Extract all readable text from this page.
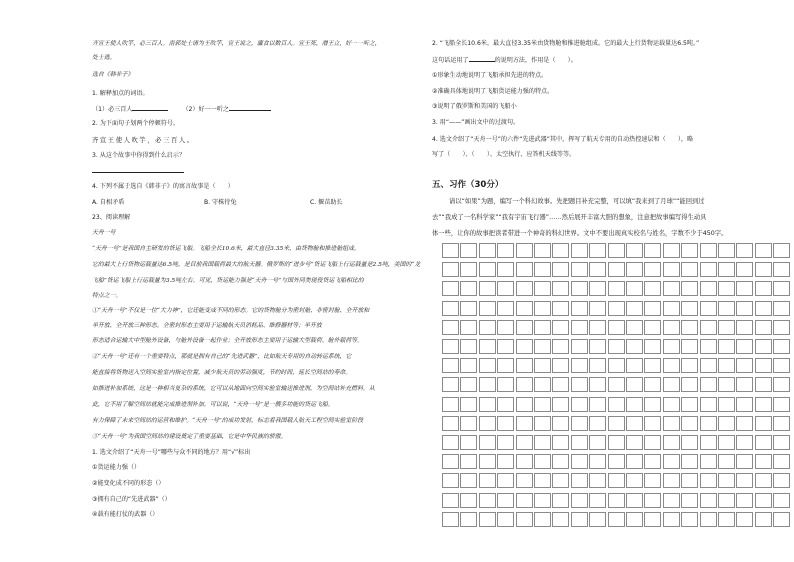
齐宣王使人吹竽，必三百人。南郭处士请为王吹竽，宣王说之，廪食以数百人。宣王死，湣王立，好一一听之，
处士逃。
选自《韩非子》
1. 解释加点的词语。
（1）必三百人	（2）好一一听之
2. 为下面句子划两个停顿符号。
齐宣王使人吹竽，必三百人。
3. 从这个故事中你得到什么启示？
4. 下列不属于选自《韩非子》的寓言故事是（　　）
A. 自相矛盾	B. 守株待兔	C. 揠苗助长
23、阅读理解
天舟一号
“天舟一号”是我国自主研发的货运飞船。飞船全长10.6米，最大直径3.35米，由货物舱和推进舱组成。
它的最大上行货物运载量达6.5吨，是目前我国载荷最大的航天器。俄罗斯的“进步号”货运飞船上行运载量是2.5吨，美国的“龙
飞船”货运飞船上行运载量为3.5吨左右。可见，货运能力强是“天舟一号”与国外同类现役货运飞船相比的
特点之一。
①“天舟一号”不仅是一位“大力神”，它还能变成不同的形态。它的货物舱分为密封舱、非密封舱、全开放和
半开放、全开放三种形态。全密封形态主要用于运输航天员消耗品、维修器材等；半开放
形态适合运输大中型舱外设备，与舱外设备一起作业；全开放形态主要用于运输大型载荷、舱外载荷等。
②“天舟一号”还有一个重要特点，那就是拥有自己的“先进武器”，比如航天专用的自动转运系统，它
能直接将货物送入空间实验室内指定位置，减少航天员的劳动强度，节约时间，延长空间站的寿命。
如推进补加系统，这是一种相当复杂的系统，它可以从地面向空间实验室输送推进剂，为空间站补充燃料。从
此，它不用了解空间站就能完成推进剂补加。可以说，“天舟一号”是一艘多功能的货运飞船。
有力保障了未来空间站的运营和维护。“天舟一号”的成功发射，标志着我国载人航天工程空间实验室阶段
③“天舟一号”为我国空间站的建设奠定了重要基础，它是中华民族的骄傲。
1. 选文介绍了“天舟一号”哪些与众不同的地方？用“√”标出
①货运能力强（）
②能变化成不同的形态（）
③拥有自己的“先进武器”（）
④载有能打仗的武器（）
2. “飞船全长10.6米，最大直径3.35米由货物舱和推进舱组成。它的最大上行货物运载量达6.5吨。”
这句话运用了	的说明方法，作用是（　　）。
①形象生动地说明了飞船承担先进的特点。
②准确具体地说明了飞船货运能力强的特点。
③说明了俄罗斯和美国的飞船小
3. 用“——”画出文中的过渡句。
4. 选文介绍了“天舟一号”的六件“先进武器”其中，挥写了航天专用的自动热控速层和（　　），略
写了（　　）、（　　）、太空执行、应答机天线等等。
五、习作（30分）
请以“如果”为题，编写一个科幻故事。先把题目补充完整，可以填“我来到了月球”“能回到过
去”“我成了一名科学家”“我有宇宙飞行器”……然后展开丰富大胆的想象，注意把故事编写得生动具
体一些，让你的故事把读者带进一个神奇的科幻世界。文中不要出现真实校名与姓名，字数不少于450字。
